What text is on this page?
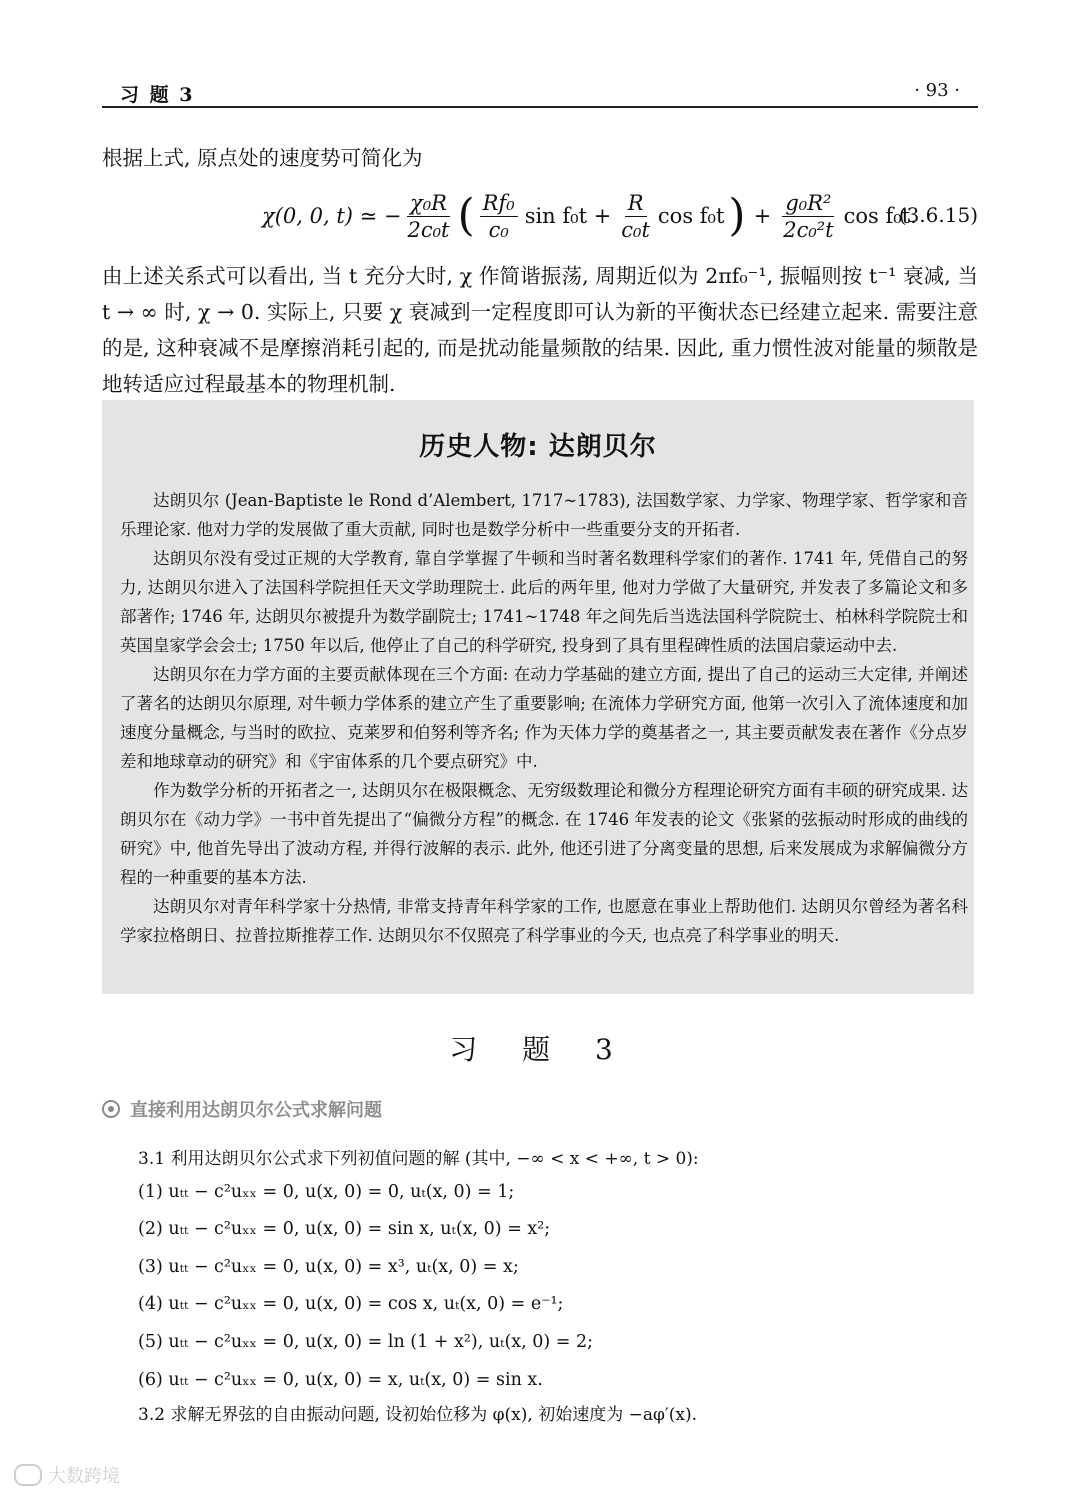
习 题 3	· 93 ·
根据上式, 原点处的速度势可简化为
χ(0, 0, t) ≃ − $\frac{\text{χ₀R}}{\text{2c₀t}}$ ( $\frac{\text{Rf₀}}{\text{c₀}}$ $\sin f_0t + \frac{R}{\text{c₀t}}$ cos f₀t ) + $\frac{\text{g₀R²}}{\text{2c₀²t}}$ cos f₀t.
(3.6.15)
由上述关系式可以看出, 当 t 充分大时, χ 作简谐振荡, 周期近似为 2πf₀⁻¹, 振幅则按 t⁻¹ 衰减, 当 t → ∞ 时, χ → 0. 实际上, 只要 χ 衰减到一定程度即可认为新的平衡状态已经建立起来. 需要注意的是, 这种衰减不是摩擦消耗引起的, 而是扰动能量频散的结果. 因此, 重力惯性波对能量的频散是地转适应过程最基本的物理机制.
历史人物: 达朗贝尔

达朗贝尔 (Jean-Baptiste le Rond d’Alembert, 1717∼1783), 法国数学家、力学家、物理学家、哲学家和音乐理论家. 他对力学的发展做了重大贡献, 同时也是数学分析中一些重要分支的开拓者.

达朗贝尔没有受过正规的大学教育, 靠自学掌握了牛顿和当时著名数理科学家们的著作. 1741 年, 凭借自己的努力, 达朗贝尔进入了法国科学院担任天文学助理院士. 此后的两年里, 他对力学做了大量研究, 并发表了多篇论文和多部著作; 1746 年, 达朗贝尔被提升为数学副院士; 1741∼1748 年之间先后当选法国科学院院士、柏林科学院院士和英国皇家学会会士; 1750 年以后, 他停止了自己的科学研究, 投身到了具有里程碑性质的法国启蒙运动中去.

达朗贝尔在力学方面的主要贡献体现在三个方面: 在动力学基础的建立方面, 提出了自己的运动三大定律, 并阐述了著名的达朗贝尔原理, 对牛顿力学体系的建立产生了重要影响; 在流体力学研究方面, 他第一次引入了流体速度和加速度分量概念, 与当时的欧拉、克莱罗和伯努利等齐名; 作为天体力学的奠基者之一, 其主要贡献发表在著作《分点岁差和地球章动的研究》和《宇宙体系的几个要点研究》中.

作为数学分析的开拓者之一, 达朗贝尔在极限概念、无穷级数理论和微分方程理论研究方面有丰硕的研究成果. 达朗贝尔在《动力学》一书中首先提出了“偏微分方程”的概念. 在 1746 年发表的论文《张紧的弦振动时形成的曲线的研究》中, 他首先导出了波动方程, 并得行波解的表示. 此外, 他还引进了分离变量的思想, 后来发展成为求解偏微分方程的一种重要的基本方法.

达朗贝尔对青年科学家十分热情, 非常支持青年科学家的工作, 也愿意在事业上帮助他们. 达朗贝尔曾经为著名科学家拉格朗日、拉普拉斯推荐工作. 达朗贝尔不仅照亮了科学事业的今天, 也点亮了科学事业的明天.

习 题 3
直接利用达朗贝尔公式求解问题
3.1 利用达朗贝尔公式求下列初值问题的解 (其中, −∞ < x < +∞, t > 0):
(1) uₜₜ − c²uₓₓ = 0, u(x, 0) = 0, uₜ(x, 0) = 1;
(2) uₜₜ − c²uₓₓ = 0, u(x, 0) = sin x, uₜ(x, 0) = x²;
(3) uₜₜ − c²uₓₓ = 0, u(x, 0) = x³, uₜ(x, 0) = x;
(4) uₜₜ − c²uₓₓ = 0, u(x, 0) = cos x, uₜ(x, 0) = e⁻¹;
(5) uₜₜ − c²uₓₓ = 0, u(x, 0) = ln (1 + x²), uₜ(x, 0) = 2;
(6) uₜₜ − c²uₓₓ = 0, u(x, 0) = x, uₜ(x, 0) = sin x.
3.2 求解无界弦的自由振动问题, 设初始位移为 φ(x), 初始速度为 −aφ′(x).
大数跨境
